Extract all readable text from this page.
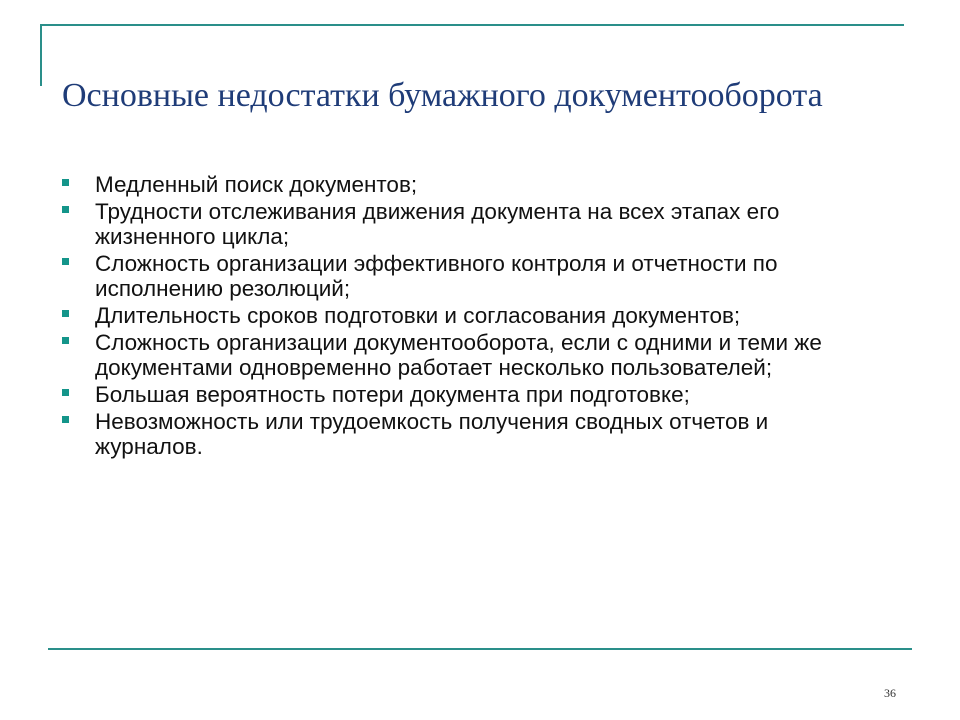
Основные недостатки бумажного документооборота
Медленный поиск документов;
Трудности отслеживания движения документа на всех этапах его жизненного цикла;
Сложность организации эффективного контроля и отчетности по исполнению резолюций;
Длительность сроков подготовки и согласования документов;
Сложность организации документооборота, если с одними и теми же документами одновременно работает несколько пользователей;
Большая вероятность потери документа при подготовке;
Невозможность или трудоемкость получения сводных отчетов и журналов.
36
